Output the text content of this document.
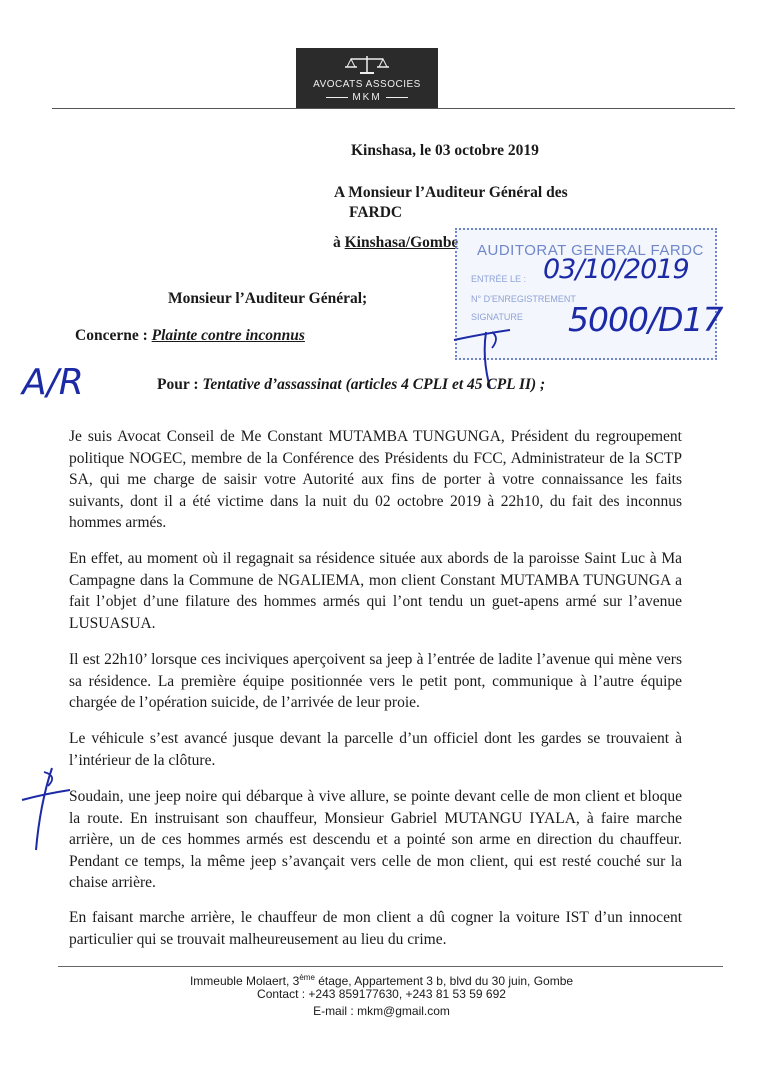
AVOCATS ASSOCIES
MKM
Kinshasa, le 03 octobre 2019
A Monsieur l’Auditeur Général des
FARDC
à Kinshasa/Gombe AUDITORAT GENERAL FARDC
ENTRÉE LE :
N° D'ENREGISTREMENT
SIGNATURE
03/10/2019
5000/D17
Monsieur l’Auditeur Général;
Concerne : Plainte contre inconnus
A/R	Pour : Tentative d’assassinat (articles 4 CPLI et 45 CPL II) ;

Je suis Avocat Conseil de Me Constant MUTAMBA TUNGUNGA, Président du regroupement politique NOGEC, membre de la Conférence des Présidents du FCC, Administrateur de la SCTP SA, qui me charge de saisir votre Autorité aux fins de porter à votre connaissance les faits suivants, dont il a été victime dans la nuit du 02 octobre 2019 à 22h10, du fait des inconnus hommes armés.

En effet, au moment où il regagnait sa résidence située aux abords de la paroisse Saint Luc à Ma Campagne dans la Commune de NGALIEMA, mon client Constant MUTAMBA TUNGUNGA a fait l’objet d’une filature des hommes armés qui l’ont tendu un guet-apens armé sur l’avenue LUSUASUA.

Il est 22h10’ lorsque ces inciviques aperçoivent sa jeep à l’entrée de ladite l’avenue qui mène vers sa résidence. La première équipe positionnée vers le petit pont, communique à l’autre équipe chargée de l’opération suicide, de l’arrivée de leur proie.

Le véhicule s’est avancé jusque devant la parcelle d’un officiel dont les gardes se trouvaient à l’intérieur de la clôture.

Soudain, une jeep noire qui débarque à vive allure, se pointe devant celle de mon client et bloque la route. En instruisant son chauffeur, Monsieur Gabriel MUTANGU IYALA, à faire marche arrière, un de ces hommes armés est descendu et a pointé son arme en direction du chauffeur. Pendant ce temps, la même jeep s’avançait vers celle de mon client, qui est resté couché sur la chaise arrière.

En faisant marche arrière, le chauffeur de mon client a dû cogner la voiture IST d’un innocent particulier qui se trouvait malheureusement au lieu du crime.

Immeuble Molaert, 3ème étage, Appartement 3 b, blvd du 30 juin, Gombe
Contact : +243 859177630, +243 81 53 59 692
E-mail : mkm@gmail.com
